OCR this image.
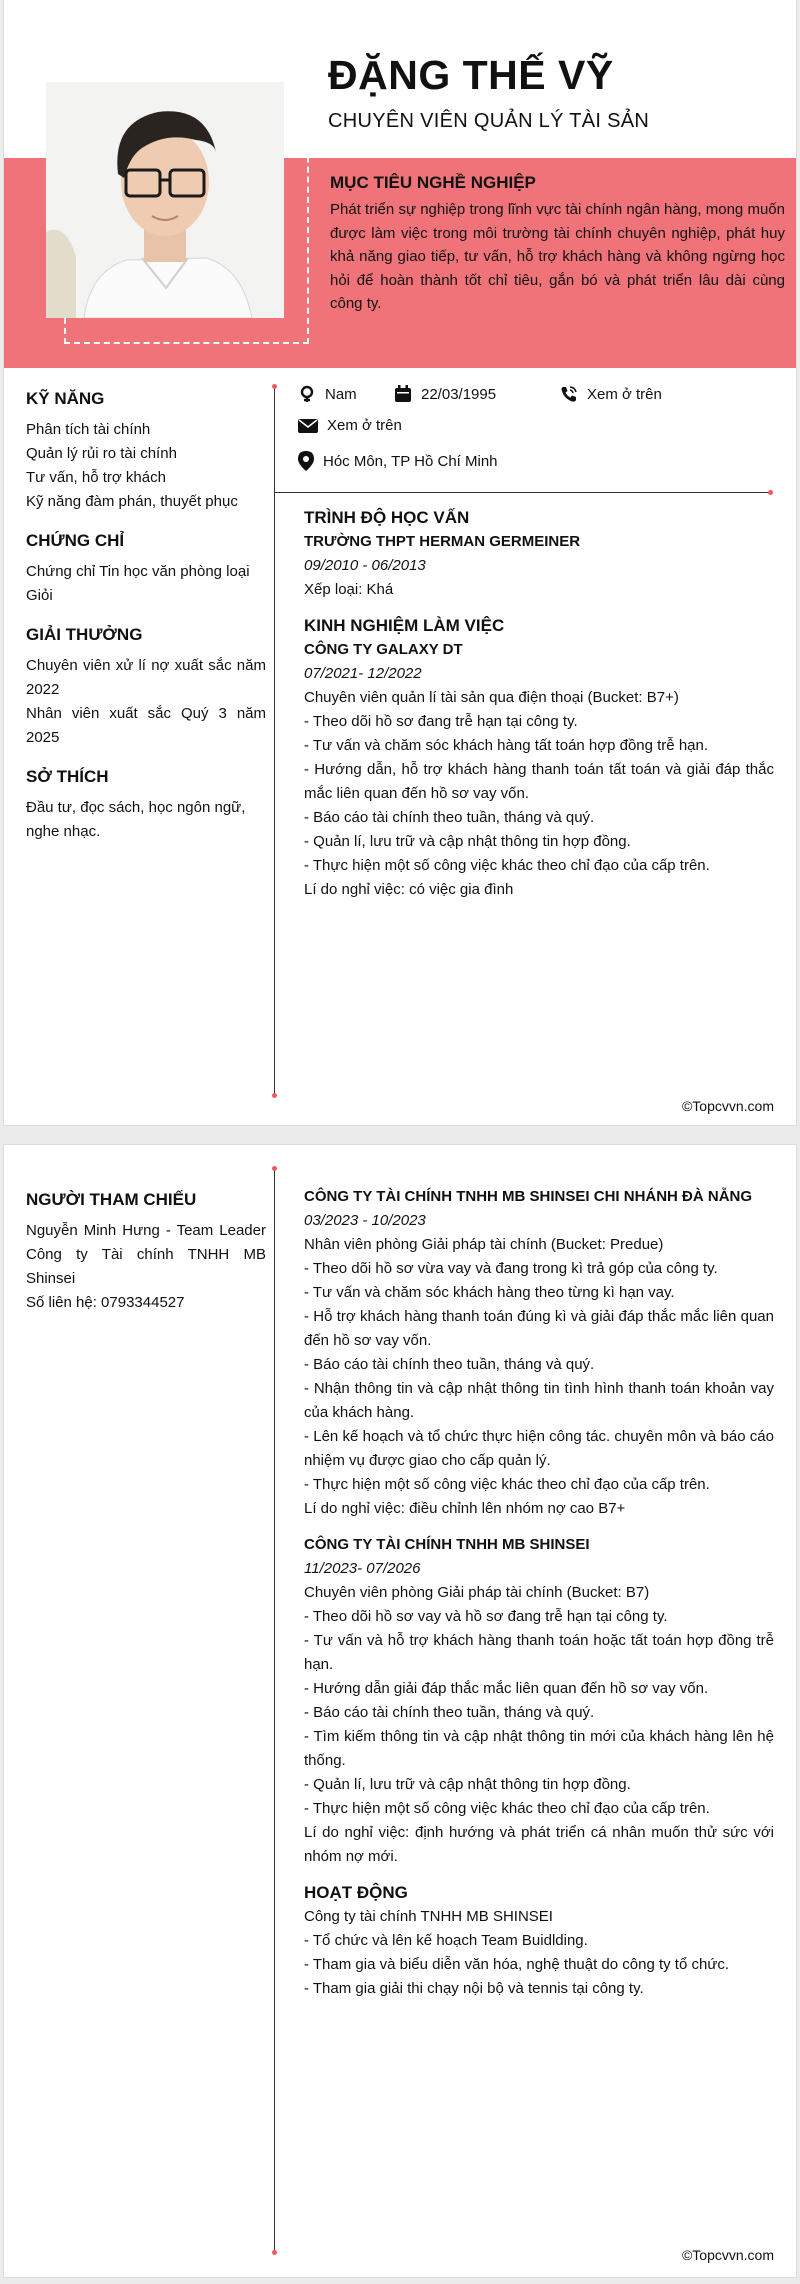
ĐẶNG THẾ VỸ
CHUYÊN VIÊN QUẢN LÝ TÀI SẢN
MỤC TIÊU NGHỀ NGHIỆP
Phát triển sự nghiệp trong lĩnh vực tài chính ngân hàng, mong muốn được làm việc trong môi trường tài chính chuyên nghiệp, phát huy khả năng giao tiếp, tư vấn, hỗ trợ khách hàng và không ngừng học hỏi để hoàn thành tốt chỉ tiêu, gắn bó và phát triển lâu dài cùng công ty.
KỸ NĂNG
Phân tích tài chính
Quản lý rủi ro tài chính
Tư vấn, hỗ trợ khách
Kỹ năng đàm phán, thuyết phục
CHỨNG CHỈ
Chứng chỉ Tin học văn phòng loại Giỏi
GIẢI THƯỞNG
Chuyên viên xử lí nợ xuất sắc năm 2022
Nhân viên xuất sắc Quý 3 năm 2025
SỞ THÍCH
Đầu tư, đọc sách, học ngôn ngữ, nghe nhạc.
Nam	22/03/1995	Xem ở trên
Xem ở trên
Hóc Môn, TP Hồ Chí Minh
TRÌNH ĐỘ HỌC VẤN
TRƯỜNG THPT HERMAN GERMEINER
09/2010 - 06/2013
Xếp loại: Khá
KINH NGHIỆM LÀM VIỆC
CÔNG TY GALAXY DT
07/2021- 12/2022
Chuyên viên quản lí tài sản qua điện thoại (Bucket: B7+)
- Theo dõi hồ sơ đang trễ hạn tại công ty.
- Tư vấn và chăm sóc khách hàng tất toán hợp đồng trễ hạn.
- Hướng dẫn, hỗ trợ khách hàng thanh toán tất toán và giải đáp thắc mắc liên quan đến hồ sơ vay vốn.
- Báo cáo tài chính theo tuần, tháng và quý.
- Quản lí, lưu trữ và cập nhật thông tin hợp đồng.
- Thực hiện một số công việc khác theo chỉ đạo của cấp trên.
Lí do nghỉ việc: có việc gia đình
©Topcvvn.com
NGƯỜI THAM CHIẾU
Nguyễn Minh Hưng - Team Leader Công ty Tài chính TNHH MB Shinsei
Số liên hệ: 0793344527
CÔNG TY TÀI CHÍNH TNHH MB SHINSEI CHI NHÁNH ĐÀ NẴNG
03/2023 - 10/2023
Nhân viên phòng Giải pháp tài chính (Bucket: Predue)
- Theo dõi hồ sơ vừa vay và đang trong kì trả góp của công ty.
- Tư vấn và chăm sóc khách hàng theo từng kì hạn vay.
- Hỗ trợ khách hàng thanh toán đúng kì và giải đáp thắc mắc liên quan đến hồ sơ vay vốn.
- Báo cáo tài chính theo tuần, tháng và quý.
- Nhận thông tin và cập nhật thông tin tình hình thanh toán khoản vay của khách hàng.
- Lên kế hoạch và tổ chức thực hiện công tác. chuyên môn và báo cáo nhiệm vụ được giao cho cấp quản lý.
- Thực hiện một số công việc khác theo chỉ đạo của cấp trên.
Lí do nghỉ việc: điều chỉnh lên nhóm nợ cao B7+
CÔNG TY TÀI CHÍNH TNHH MB SHINSEI
11/2023- 07/2026
Chuyên viên phòng Giải pháp tài chính (Bucket: B7)
- Theo dõi hồ sơ vay và hồ sơ đang trễ hạn tại công ty.
- Tư vấn và hỗ trợ khách hàng thanh toán hoặc tất toán hợp đồng trễ hạn.
- Hướng dẫn giải đáp thắc mắc liên quan đến hồ sơ vay vốn.
- Báo cáo tài chính theo tuần, tháng và quý.
- Tìm kiếm thông tin và cập nhật thông tin mới của khách hàng lên hệ thống.
- Quản lí, lưu trữ và cập nhật thông tin hợp đồng.
- Thực hiện một số công việc khác theo chỉ đạo của cấp trên.
Lí do nghỉ việc: định hướng và phát triển cá nhân muốn thử sức với nhóm nợ mới.
HOẠT ĐỘNG
Công ty tài chính TNHH MB SHINSEI
- Tổ chức và lên kế hoạch Team Buidlding.
- Tham gia và biểu diễn văn hóa, nghệ thuật do công ty tổ chức.
- Tham gia giải thi chạy nội bộ và tennis tại công ty.
©Topcvvn.com
